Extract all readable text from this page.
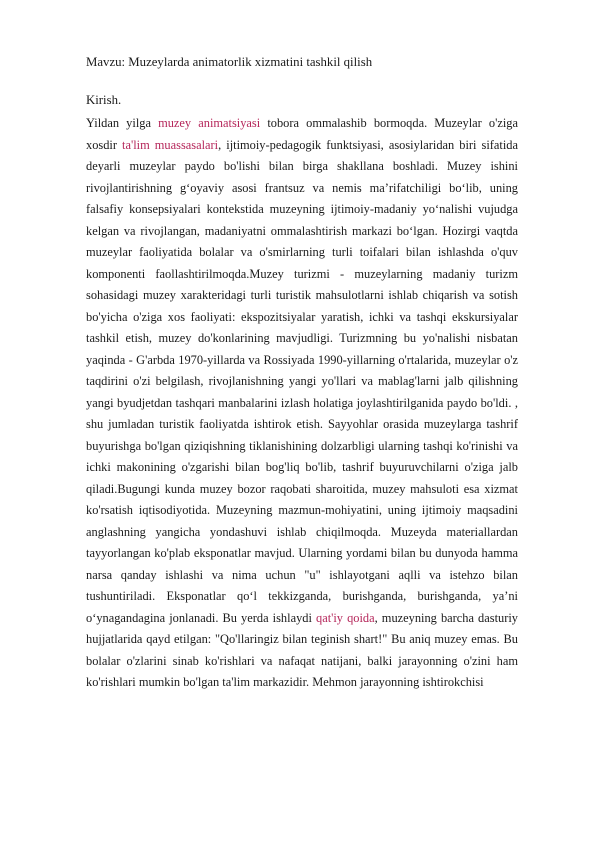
Mavzu: Muzeylarda animatorlik xizmatini tashkil qilish
Kirish.

Yildan yilga muzey animatsiyasi tobora ommalashib bormoqda. Muzeylar o'ziga xosdir ta'lim muassasalari, ijtimoiy-pedagogik funktsiyasi, asosiylaridan biri sifatida deyarli muzeylar paydo bo'lishi bilan birga shakllana boshladi. Muzey ishini rivojlantirishning g‘oyaviy asosi frantsuz va nemis ma’rifatchiligi bo‘lib, uning falsafiy konsepsiyalari kontekstida muzeyning ijtimoiy-madaniy yo‘nalishi vujudga kelgan va rivojlangan, madaniyatni ommalashtirish markazi bo‘lgan. Hozirgi vaqtda muzeylar faoliyatida bolalar va o'smirlarning turli toifalari bilan ishlashda o'quv komponenti faollashtirilmoqda.Muzey turizmi - muzeylarning madaniy turizm sohasidagi muzey xarakteridagi turli turistik mahsulotlarni ishlab chiqarish va sotish bo'yicha o'ziga xos faoliyati: ekspozitsiyalar yaratish, ichki va tashqi ekskursiyalar tashkil etish, muzey do'konlarining mavjudligi. Turizmning bu yo'nalishi nisbatan yaqinda - G'arbda 1970-yillarda va Rossiyada 1990-yillarning o'rtalarida, muzeylar o'z taqdirini o'zi belgilash, rivojlanishning yangi yo'llari va mablag'larni jalb qilishning yangi byudjetdan tashqari manbalarini izlash holatiga joylashtirilganida paydo bo'ldi. , shu jumladan turistik faoliyatda ishtirok etish. Sayyohlar orasida muzeylarga tashrif buyurishga bo'lgan qiziqishning tiklanishining dolzarbligi ularning tashqi ko'rinishi va ichki makonining o'zgarishi bilan bog'liq bo'lib, tashrif buyuruvchilarni o'ziga jalb qiladi.Bugungi kunda muzey bozor raqobati sharoitida, muzey mahsuloti esa xizmat ko'rsatish iqtisodiyotida. Muzeyning mazmun-mohiyatini, uning ijtimoiy maqsadini anglashning yangicha yondashuvi ishlab chiqilmoqda. Muzeyda materiallardan tayyorlangan ko'plab eksponatlar mavjud. Ularning yordami bilan bu dunyoda hamma narsa qanday ishlashi va nima uchun "u" ishlayotgani aqlli va istehzo bilan tushuntiriladi. Eksponatlar qo‘l tekkizganda, burishganda, burishganda, ya’ni o‘ynagandagina jonlanadi. Bu yerda ishlaydi qat'iy qoida, muzeyning barcha dasturiy hujjatlarida qayd etilgan: "Qo'llaringiz bilan teginish shart!" Bu aniq muzey emas. Bu bolalar o'zlarini sinab ko'rishlari va nafaqat natijani, balki jarayonning o'zini ham ko'rishlari mumkin bo'lgan ta'lim markazidir. Mehmon jarayonning ishtirokchisi
